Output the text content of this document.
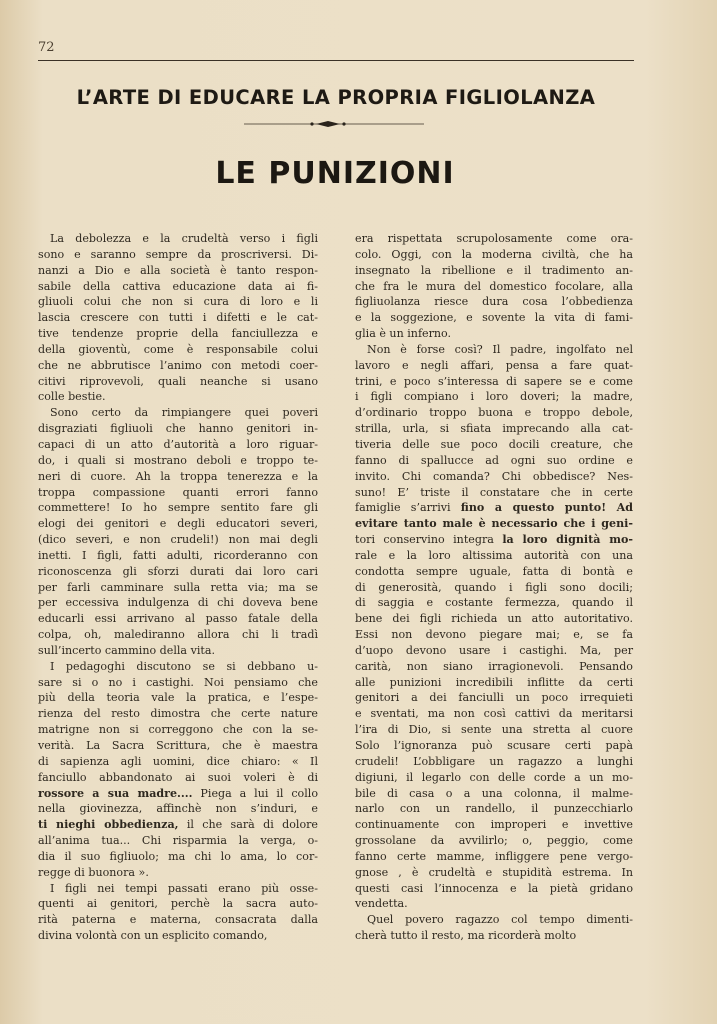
72
L’ARTE DI EDUCARE LA PROPRIA FIGLIOLANZA
LE PUNIZIONI
La debolezza e la crudeltà verso i figli
sono e saranno sempre da proscriversi. Di-
nanzi a Dio e alla società è tanto respon-
sabile della cattiva educazione data ai fi-
gliuoli colui che non si cura di loro e li
lascia crescere con tutti i difetti e le cat-
tive tendenze proprie della fanciullezza e
della gioventù, come è responsabile colui
che ne abbrutisce l’animo con metodi coer-
citivi riprovevoli, quali neanche si usano
colle bestie.
Sono certo da rimpiangere quei poveri
disgraziati figliuoli che hanno genitori in-
capaci di un atto d’autorità a loro riguar-
do, i quali si mostrano deboli e troppo te-
neri di cuore. Ah la troppa tenerezza e la
troppa compassione quanti errori fanno
commettere! Io ho sempre sentito fare gli
elogi dei genitori e degli educatori severi,
(dico severi, e non crudeli!) non mai degli
inetti. I figli, fatti adulti, ricorderanno con
riconoscenza gli sforzi durati dai loro cari
per farli camminare sulla retta via; ma se
per eccessiva indulgenza di chi doveva bene
educarli essi arrivano al passo fatale della
colpa, oh, malediranno allora chi li tradì
sull’incerto cammino della vita.
I pedagoghi discutono se si debbano u-
sare si o no i castighi. Noi pensiamo che
più della teoria vale la pratica, e l’espe-
rienza del resto dimostra che certe nature
matrigne non si correggono che con la se-
verità. La Sacra Scrittura, che è maestra
di sapienza agli uomini, dice chiaro: « Il
fanciullo abbandonato ai suoi voleri è di
rossore a sua madre.... Piega a lui il collo
nella giovinezza, affinchè non s’induri, e
ti nieghi obbedienza, il che sarà di dolore
all’anima tua... Chi risparmia la verga, o-
dia il suo figliuolo; ma chi lo ama, lo cor-
regge di buonora ».
I figli nei tempi passati erano più osse-
quenti ai genitori, perchè la sacra auto-
rità paterna e materna, consacrata dalla
divina volontà con un esplicito comando,
era rispettata scrupolosamente come ora-
colo. Oggi, con la moderna civiltà, che ha
insegnato la ribellione e il tradimento an-
che fra le mura del domestico focolare, alla
figliuolanza riesce dura cosa l’obbedienza
e la soggezione, e sovente la vita di fami-
glia è un inferno.
Non è forse così? Il padre, ingolfato nel
lavoro e negli affari, pensa a fare quat-
trini, e poco s’interessa di sapere se e come
i figli compiano i loro doveri; la madre,
d’ordinario troppo buona e troppo debole,
strilla, urla, si sfiata imprecando alla cat-
tiveria delle sue poco docili creature, che
fanno di spallucce ad ogni suo ordine e
invito. Chi comanda? Chi obbedisce? Nes-
suno! E’ triste il constatare che in certe
famiglie s’arrivi fino a questo punto! Ad
evitare tanto male è necessario che i geni-
tori conservino integra la loro dignità mo-
rale e la loro altissima autorità con una
condotta sempre uguale, fatta di bontà e
di generosità, quando i figli sono docili;
di saggia e costante fermezza, quando il
bene dei figli richieda un atto autoritativo.
Essi non devono piegare mai; e, se fa
d’uopo devono usare i castighi. Ma, per
carità, non siano irragionevoli. Pensando
alle punizioni incredibili inflitte da certi
genitori a dei fanciulli un poco irrequieti
e sventati, ma non così cattivi da meritarsi
l’ira di Dio, si sente una stretta al cuore
Solo l’ignoranza può scusare certi papà
crudeli! L’obbligare un ragazzo a lunghi
digiuni, il legarlo con delle corde a un mo-
bile di casa o a una colonna, il malme-
narlo con un randello, il punzecchiarlo
continuamente con improperi e invettive
grossolane da avvilirlo; o, peggio, come
fanno certe mamme, infliggere pene vergo-
gnose , è crudeltà e stupidità estrema. In
questi casi l’innocenza e la pietà gridano
vendetta.
Quel povero ragazzo col tempo dimenti-
cherà tutto il resto, ma ricorderà molto
